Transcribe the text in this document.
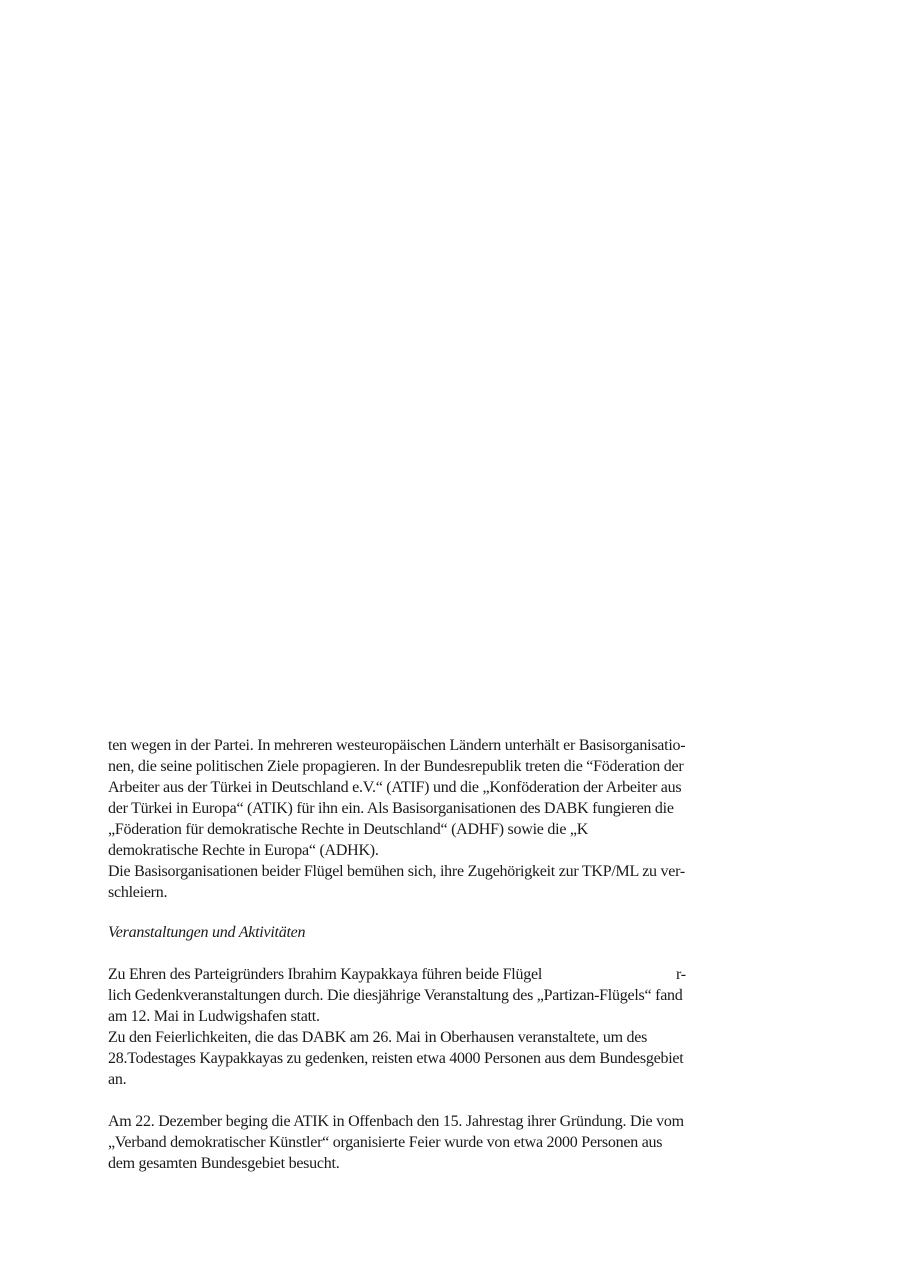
ten wegen in der Partei. In mehreren westeuropäischen Ländern unterhält er Basisorganisatio-
nen, die seine politischen Ziele propagieren. In der Bundesrepublik treten die “Föderation der
Arbeiter aus der Türkei in Deutschland e.V.“ (ATIF) und die „Konföderation der Arbeiter aus
der Türkei in Europa“ (ATIK) für ihn ein. Als Basisorganisationen des DABK fungieren die
„Föderation für demokratische Rechte in Deutschland“ (ADHF) sowie die „K
demokratische Rechte in Europa“ (ADHK).
Die Basisorganisationen beider Flügel bemühen sich, ihre Zugehörigkeit zur TKP/ML zu ver-
schleiern.
Veranstaltungen und Aktivitäten
Zu Ehren des Parteigründers Ibrahim Kaypakkaya führen beide Flügel	r-
lich Gedenkveranstaltungen durch. Die diesjährige Veranstaltung des „Partizan-Flügels“ fand
am 12. Mai in Ludwigshafen statt.
Zu den Feierlichkeiten, die das DABK am 26. Mai in Oberhausen veranstaltete, um des
28.Todestages Kaypakkayas zu gedenken, reisten etwa 4000 Personen aus dem Bundesgebiet
an.
Am 22. Dezember beging die ATIK in Offenbach den 15. Jahrestag ihrer Gründung. Die vom
„Verband demokratischer Künstler“ organisierte Feier wurde von etwa 2000 Personen aus
dem gesamten Bundesgebiet besucht.
